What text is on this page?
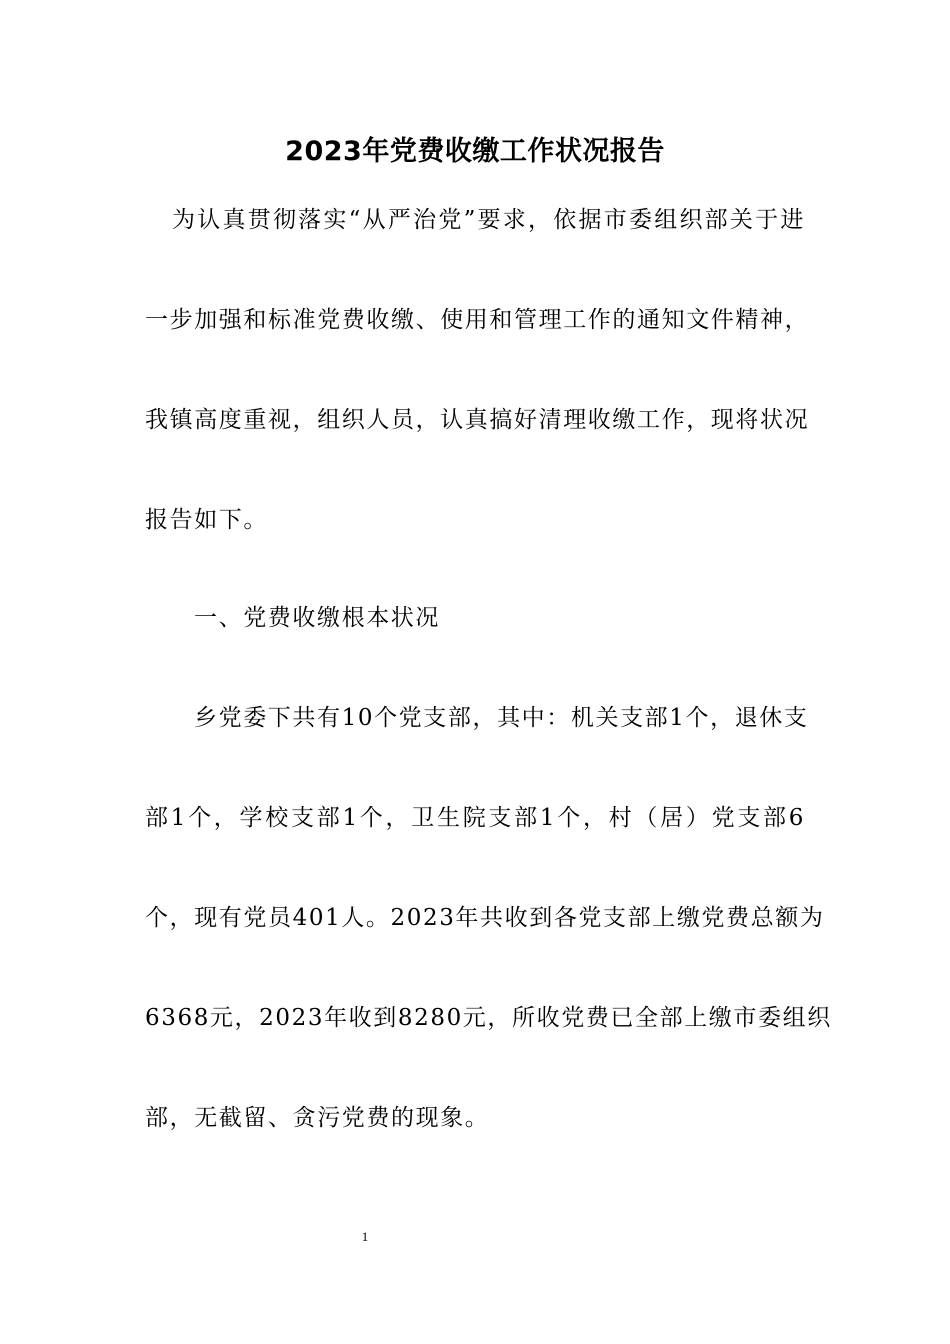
2023年党费收缴工作状况报告
为认真贯彻落实“从严治党”要求，依据市委组织部关于进
一步加强和标准党费收缴、使用和管理工作的通知文件精神，
我镇高度重视，组织人员，认真搞好清理收缴工作，现将状况
报告如下。
一、党费收缴根本状况
乡党委下共有10个党支部，其中：机关支部1个，退休支
部1个，学校支部1个，卫生院支部1个，村（居）党支部6
个，现有党员401人。2023年共收到各党支部上缴党费总额为
6368元，2023年收到8280元，所收党费已全部上缴市委组织
部，无截留、贪污党费的现象。
1
